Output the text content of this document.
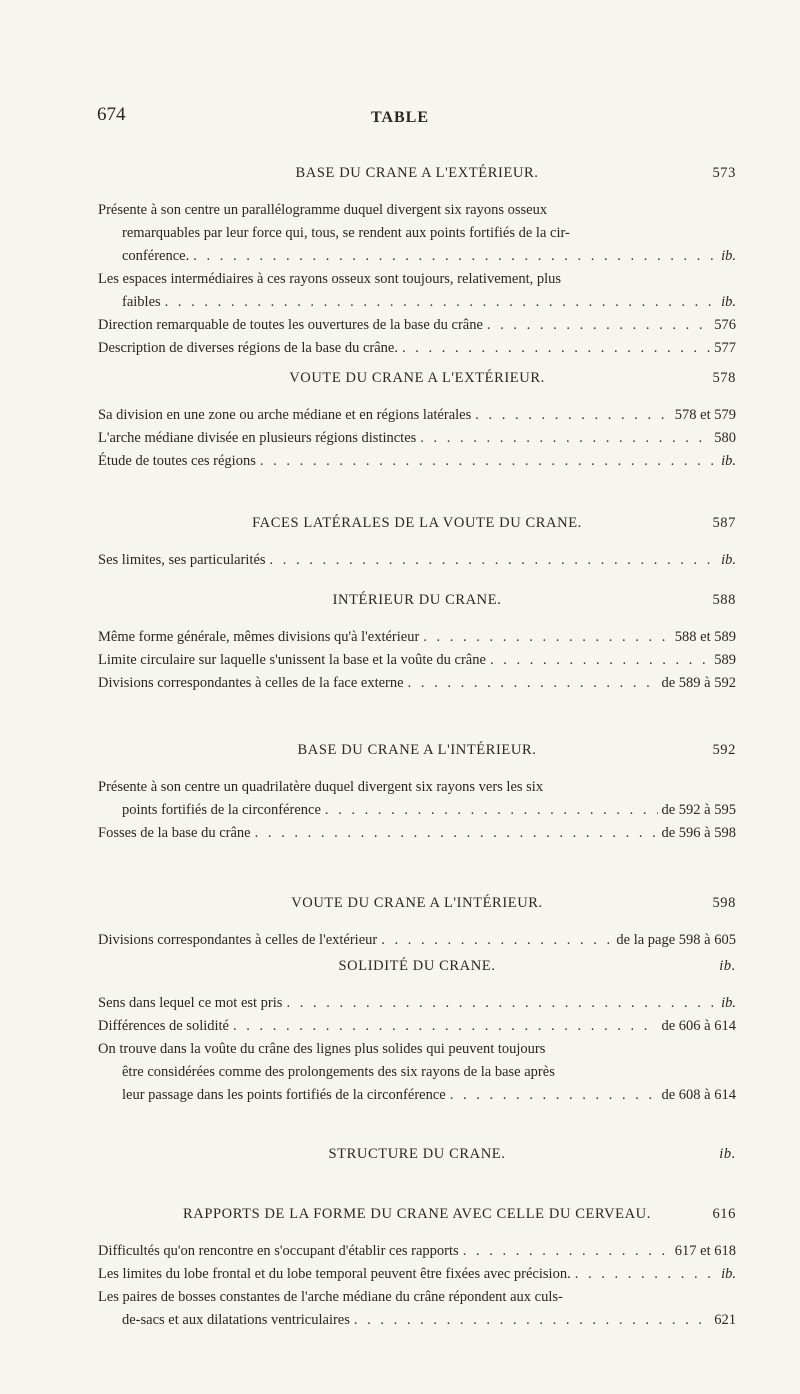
674	TABLE
BASE DU CRANE A L'EXTÉRIEUR.	573
Présente à son centre un parallélogramme duquel divergent six rayons osseux
remarquables par leur force qui, tous, se rendent aux points fortifiés de la cir-
conférence. . . .	ib.
Les espaces intermédiaires à ces rayons osseux sont toujours, relativement, plus
faibles . . .	ib.
Direction remarquable de toutes les ouvertures de la base du crâne . . .	576
Description de diverses régions de la base du crâne. . . .	577
VOUTE DU CRANE A L'EXTÉRIEUR.	578
Sa division en une zone ou arche médiane et en régions latérales . . .	578 et 579
L'arche médiane divisée en plusieurs régions distinctes . . .	580
Étude de toutes ces régions . . .	ib.
FACES LATÉRALES DE LA VOUTE DU CRANE.	587
Ses limites, ses particularités . . .	ib.
INTÉRIEUR DU CRANE.	588
Même forme générale, mêmes divisions qu'à l'extérieur . . .	588 et 589
Limite circulaire sur laquelle s'unissent la base et la voûte du crâne . . .	589
Divisions correspondantes à celles de la face externe . . .	de 589 à 592
BASE DU CRANE A L'INTÉRIEUR.	592
Présente à son centre un quadrilatère duquel divergent six rayons vers les six
points fortifiés de la circonférence . . .	de 592 à 595
Fosses de la base du crâne . . .	de 596 à 598
VOUTE DU CRANE A L'INTÉRIEUR.	598
Divisions correspondantes à celles de l'extérieur . . .	de la page 598 à 605
SOLIDITÉ DU CRANE.	ib.
Sens dans lequel ce mot est pris . . .	ib.
Différences de solidité . . .	de 606 à 614
On trouve dans la voûte du crâne des lignes plus solides qui peuvent toujours
être considérées comme des prolongements des six rayons de la base après
leur passage dans les points fortifiés de la circonférence . . .	de 608 à 614
STRUCTURE DU CRANE.	ib.
RAPPORTS DE LA FORME DU CRANE AVEC CELLE DU CERVEAU.	616
Difficultés qu'on rencontre en s'occupant d'établir ces rapports . . .	617 et 618
Les limites du lobe frontal et du lobe temporal peuvent être fixées avec précision. . . .	ib.
Les paires de bosses constantes de l'arche médiane du crâne répondent aux culs-
de-sacs et aux dilatations ventriculaires . . .	621
